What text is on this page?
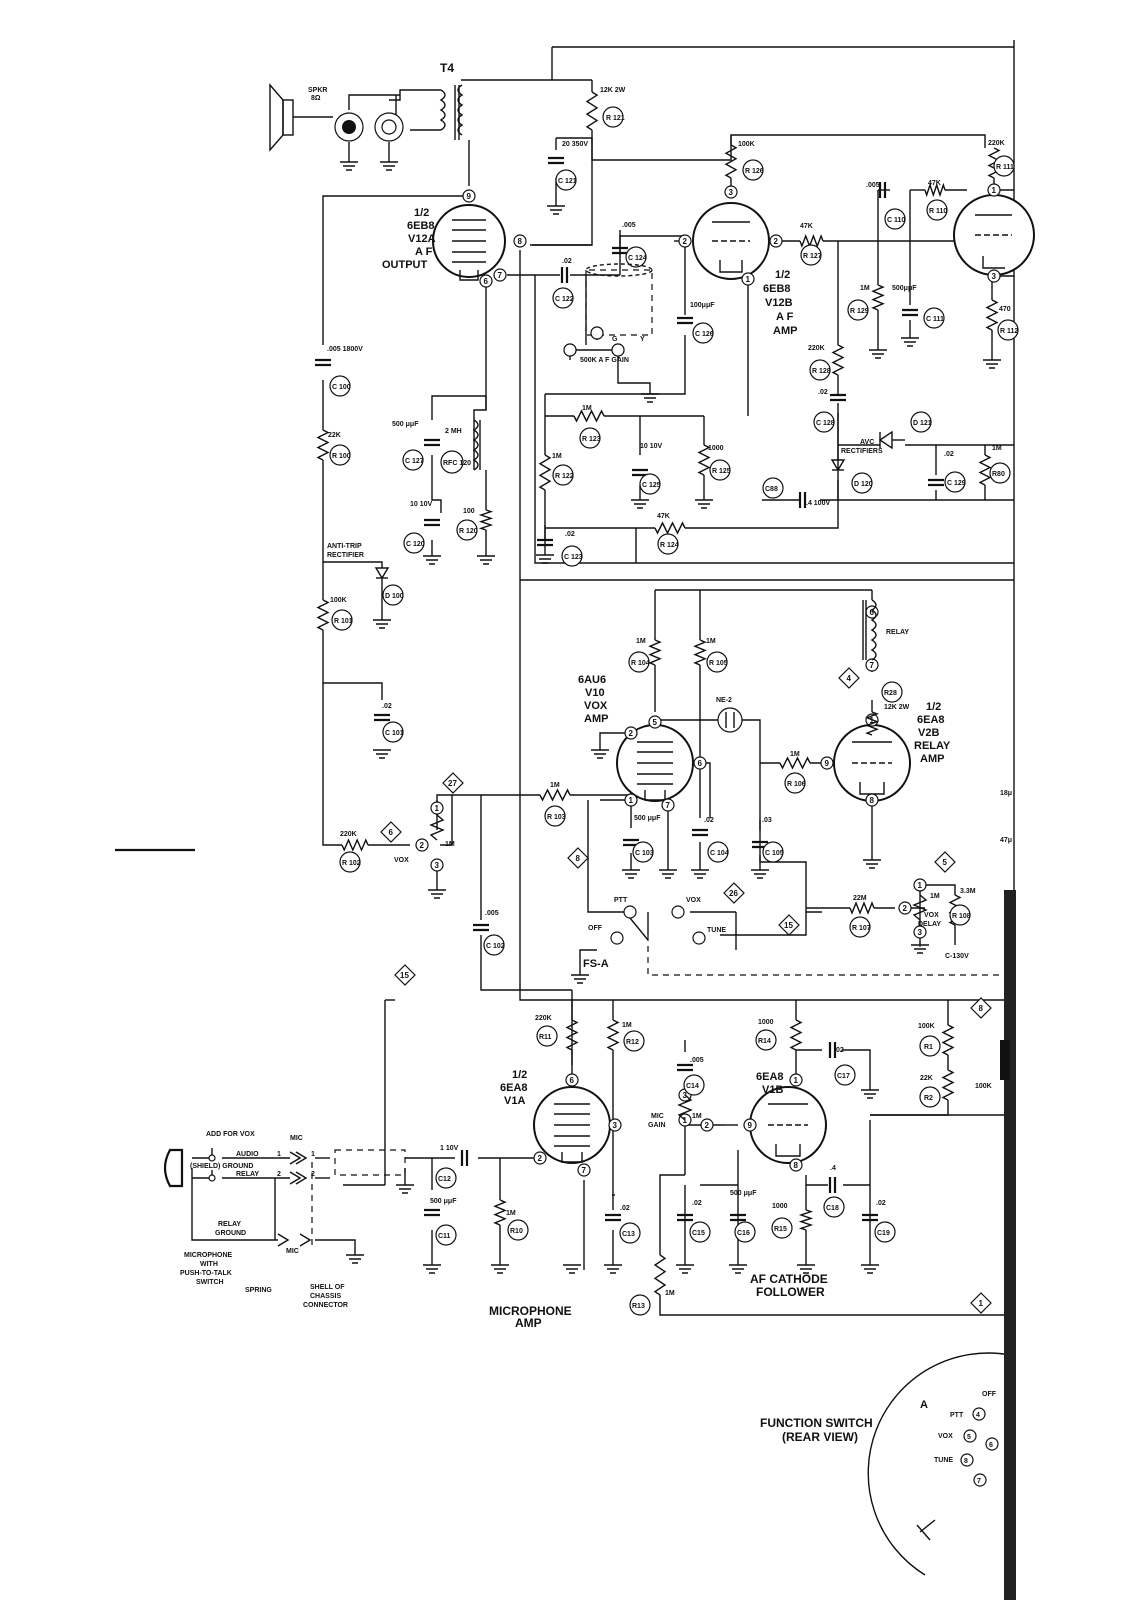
SPKR
8Ω
T4
1/2
6EB8
V12A
A F
OUTPUT
1/2
6EB8
V12B
A F
AMP
6AU6
V10
VOX
AMP
1/2
6EA8
V2B
RELAY
AMP
1/2
6EA8
V1A
6EA8
V1B
9
8
7
6
3
2	2
1
1
3
5
2
6
1
7
1
9
8
6
7
6
3
2
7
1
9
8
1
2
3
3
2
1
1
2
3
12K 2W
R 121
100K
R 126
47K
R 127
47K
R 110
220K
R 111
1M
R 129	470
R 112
220K
R 128
1M
R 123
1M
R 122
1000
R 125
47K
R 124
22K
R 100
100
R 120
100K
R 101
220K
R 102
1M
R 104
1M
R 105
1M
R 103
1M
R 106
22M
R 107
3.3M
R 108
12K 2W
R28
1M
R80
220K
R11
1M
R12
1000
R14
100K
R1
22K
R2
1M
R10
1M
R13
1000
R15
20 350V
C 121
.005
C 124
.02
C 122
100μμF
C 126
.005
C 110
500μμF
C 111
.02
C 128
10 10V
C 125
.02
C 123
.02
C 129
.4 100V
C88
.005 1800V
C 100
500 μμF
C 127
10 10V
C 120
.02
C 101
500 μμF
C 103
.02
C 104
.03
C 105
.005
C 102
1 10V
C12
500 μμF
C11
.02
C13
.005
C14
.02
C15
500 μμF
C16
.02
C17
.4
C18
.02
C19
G	Y
500K A F GAIN
2 MH
RFC 120
ANTI-TRIP
RECTIFIER
D 100
D 121
D 120
AVC
RECTIFIERS
1M
VOX
RELAY
NE-2
1M
VOX
DELAY
C-130V
PTT	VOX
OFF	TUNE
FS-A
MIC
GAIN
1M
18μ
47μ
100K
4
27
6
8
26
15
5
15
8
1
ADD FOR VOX
MIC
AUDIO
(SHIELD) GROUND
RELAY
RELAY
GROUND
MICROPHONE
WITH
PUSH-TO-TALK
SWITCH
SPRING	SHELL OF
CHASSIS
CONNECTOR
MIC
1
2
1
2
MICROPHONE
AMP
AF CATHODE
FOLLOWER
FUNCTION SWITCH
(REAR VIEW)
A
OFF
PTT
VOX
TUNE
4
5
6
7
8
